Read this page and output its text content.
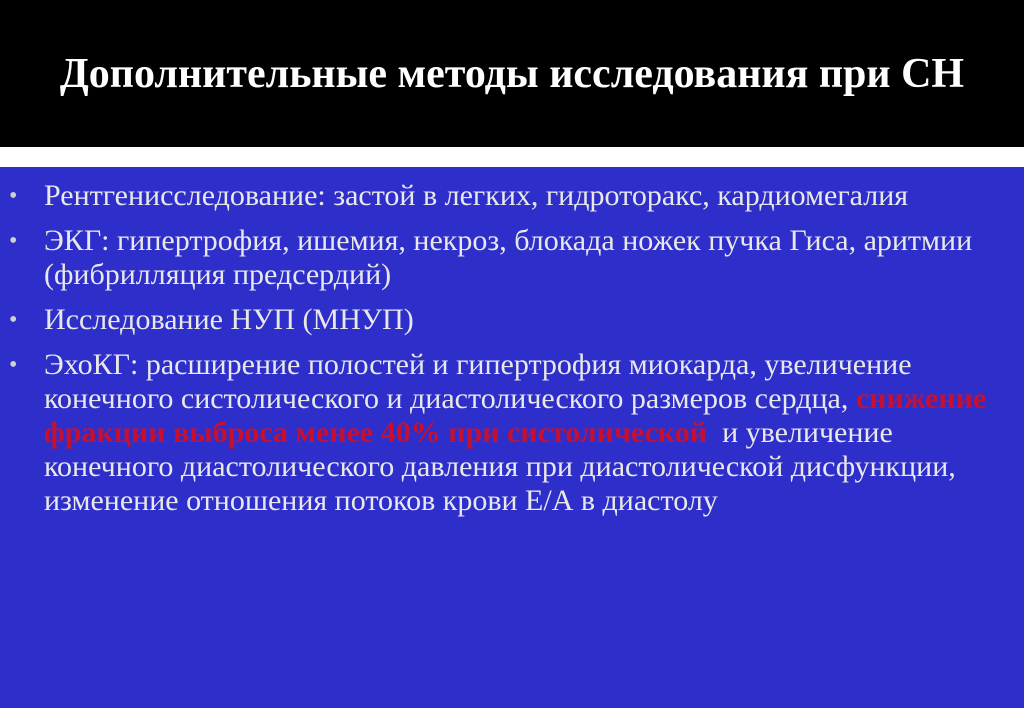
Дополнительные методы исследования при СН
• Рентгенисследование: застой в легких, гидроторакс, кардиомегалия
• ЭКГ: гипертрофия, ишемия, некроз, блокада ножек пучка Гиса, аритмии (фибрилляция предсердий)
• Исследование НУП (МНУП)
• ЭхоКГ: расширение полостей и гипертрофия миокарда, увеличение конечного систолического и диастолического размеров сердца, снижение фракции выброса менее 40% при систолической  и увеличение конечного диастолического давления при диастолической дисфункции, изменение отношения потоков крови Е/А в диастолу
